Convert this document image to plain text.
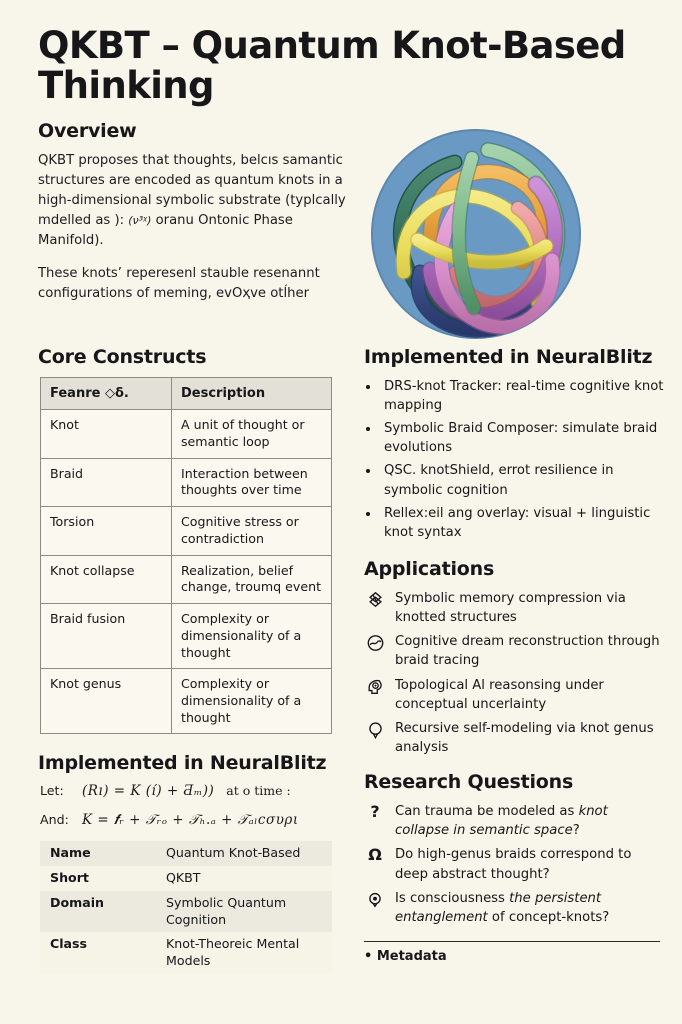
QKBT – Quantum Knot-Based Thinking
Overview

QKBT proposes that thoughts, belcıs samantic structures are encoded as quantum knots in a high-dimensional symbolic substrate (typlcally mdelled as ): (ν³ᵡ) oranu Ontonic Phase Manifold).

These knots’ reperesenl stauble resenannt configurations of meming, evОҳve otĺher

Core Constructs
Feanre ◇ẟ.	Description
Knot	A unit of thought or semantic loop
Braid	Interaction between thoughts over time
Torsion	Cognitive stress or contradiction
Knot collapse	Realization, belief change, troumq event
Braid fusion	Complexity or dimensionality of a thought
Knot genus	Complexity or dimensionality of a thought
Implemented in NeuralBlitz
Let: (Rı) = K (ı́) + Ƌₘ)) at o time :
And: Κ = 𝒇ᵣ + 𝒯ᵣₒ + 𝒯ₕ.ₐ + 𝒯ₐₗϲσυρι
Name	Quantum Knot-Based
Short	QKBT
Domain	Symbolic Quantum Cognition
Class	Knot-Theoreic Mental Models
Implemented in NeuralBlitz
• DRS-knot Tracker: real-time cognitive knot mapping
• Symbolic Braid Composer: simulate braid evolutions
• QSC. knotShield, errot resilience in symbolic cognition
• Rellex:eil ang overlay: visual + linguistic knot syntax
Applications
Symbolic memory compression via knotted structures
Cognitive dream reconstruction through braid tracing
Topological Al reasonsing under conceptual uncerlainty
Recursive self-modeling via knot genus analysis
Research Questions
? Can trauma be modeled as knot collapse in semantic space?
Ω Do high-genus braids correspond to deep abstract thought?
Is consciousness the persistent entanglement of concept-knots?
• Metadata
